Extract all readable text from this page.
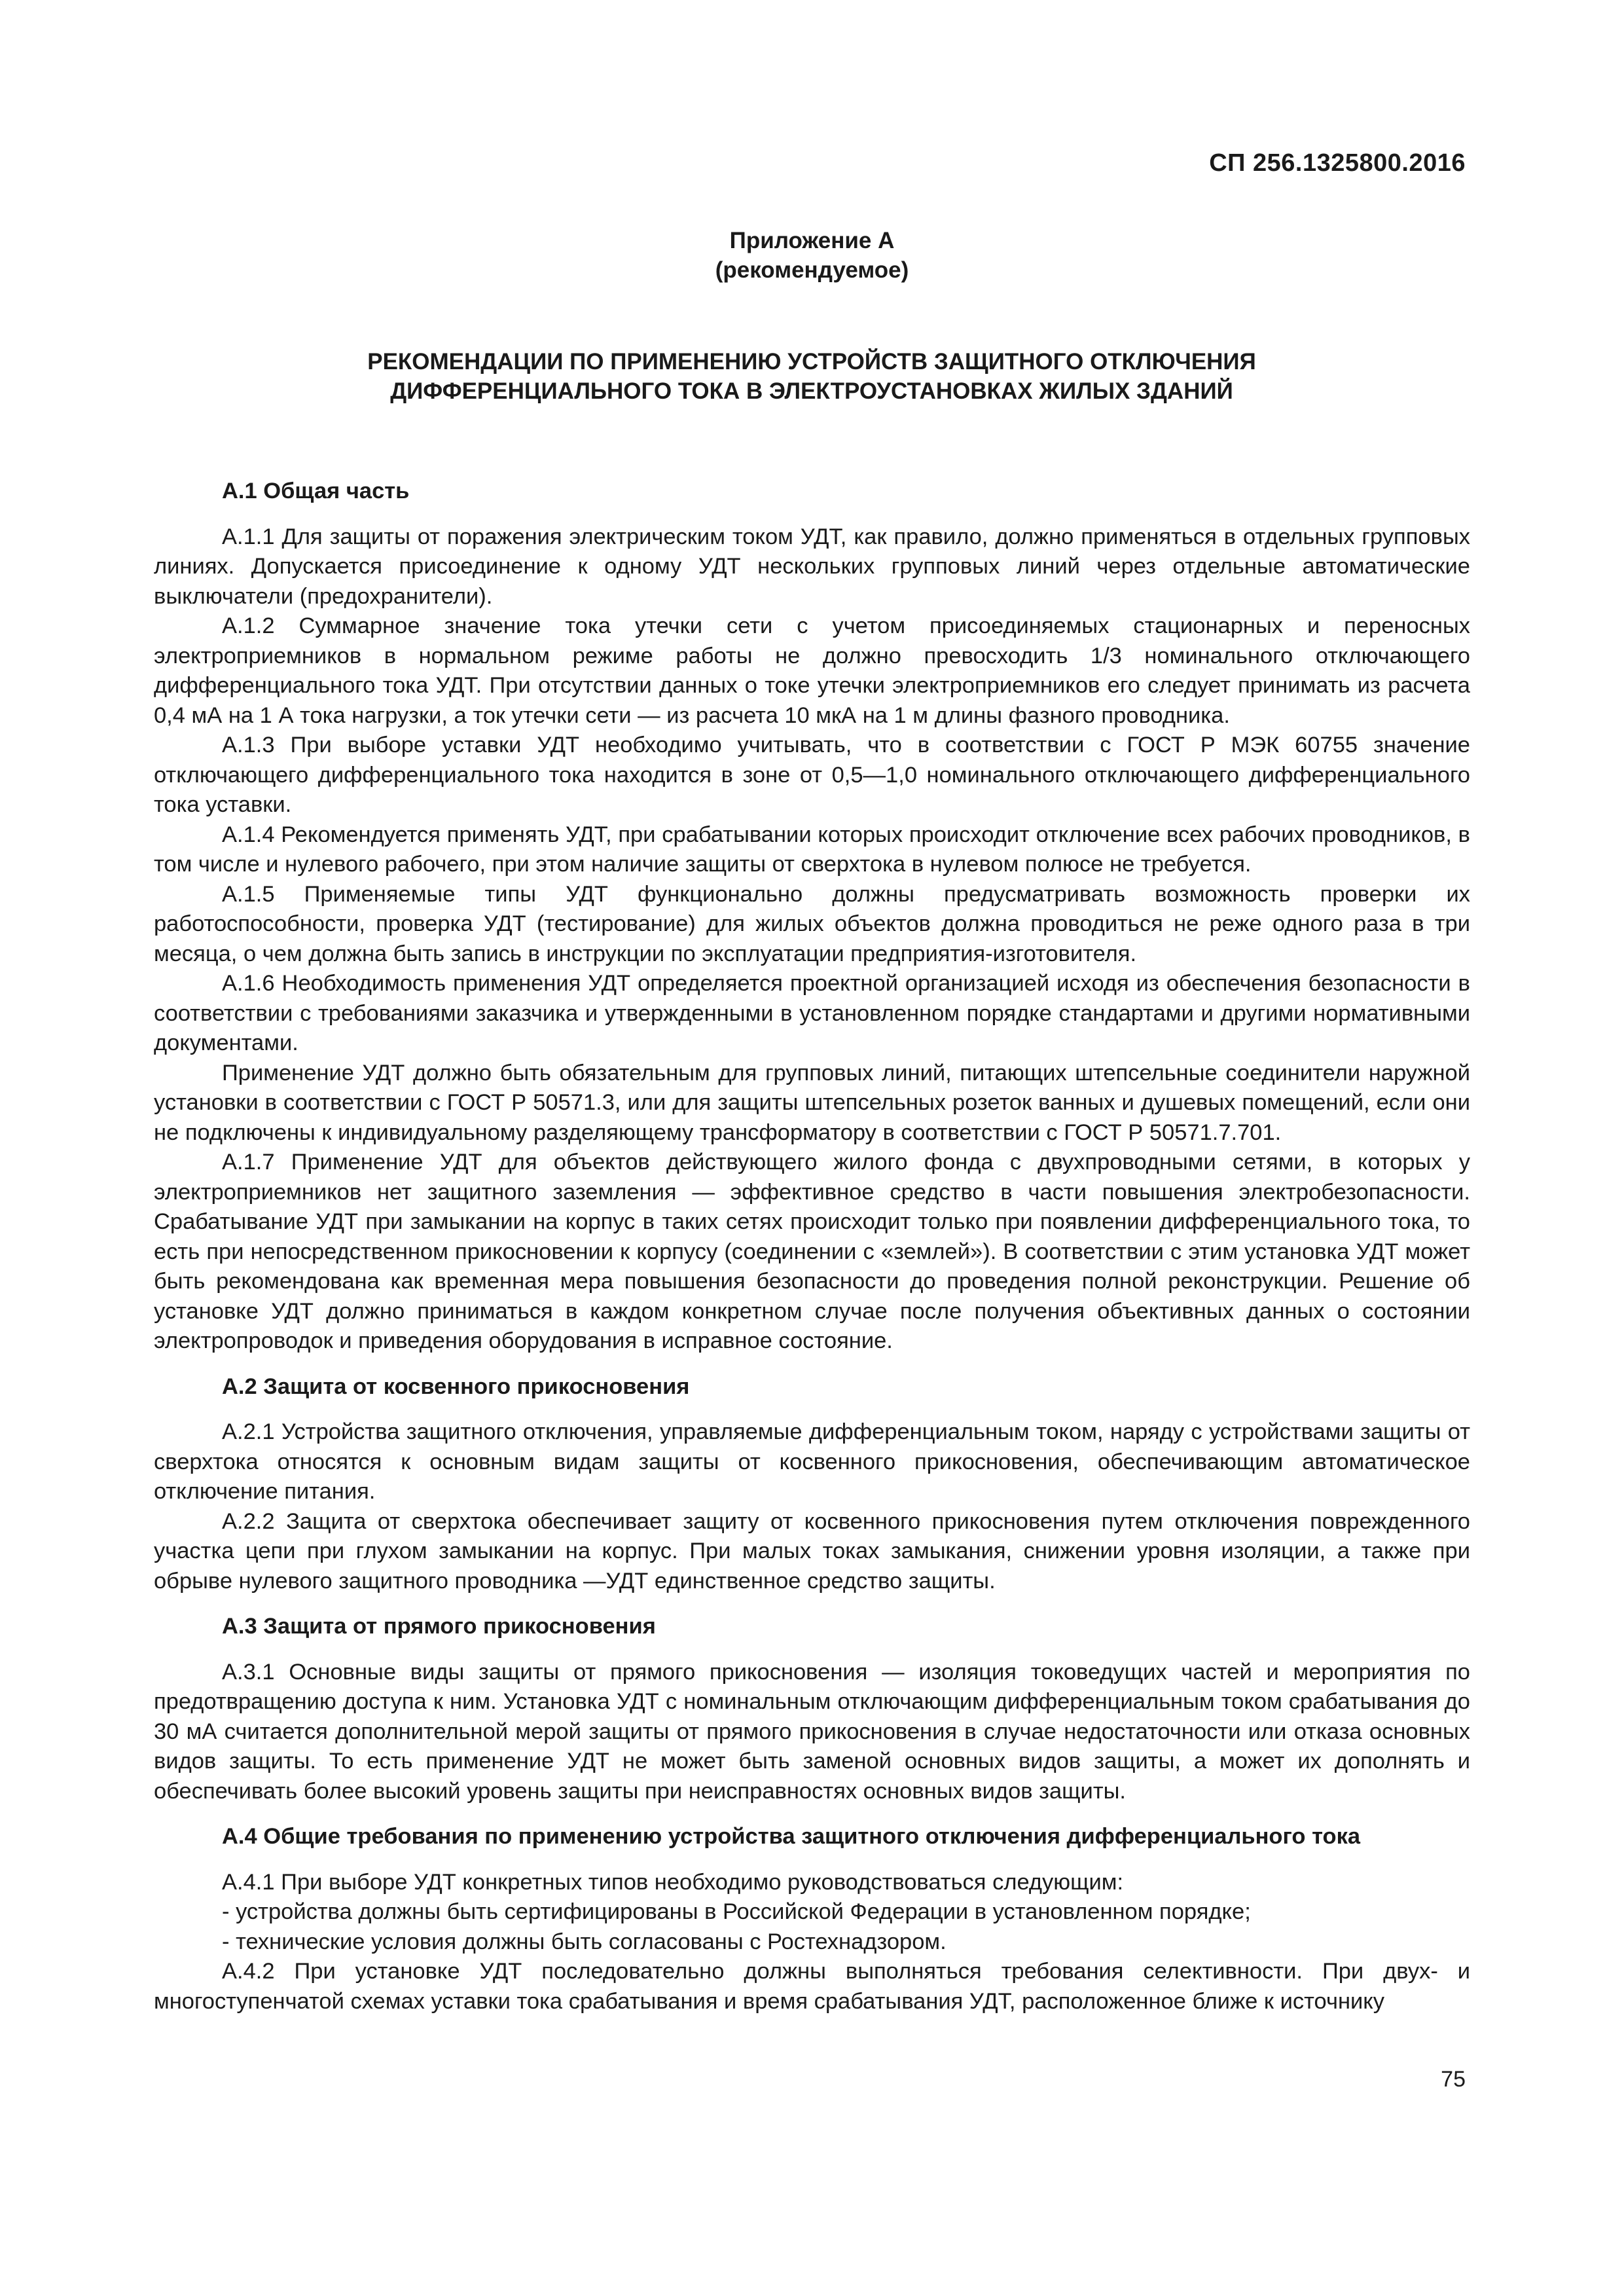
СП 256.1325800.2016
Приложение А
(рекомендуемое)
РЕКОМЕНДАЦИИ ПО ПРИМЕНЕНИЮ УСТРОЙСТВ ЗАЩИТНОГО ОТКЛЮЧЕНИЯ
ДИФФЕРЕНЦИАЛЬНОГО ТОКА В ЭЛЕКТРОУСТАНОВКАХ ЖИЛЫХ ЗДАНИЙ
А.1 Общая часть

А.1.1 Для защиты от поражения электрическим током УДТ, как правило, должно применяться в отдельных групповых линиях. Допускается присоединение к одному УДТ нескольких групповых линий через отдельные автоматические выключатели (предохранители).

А.1.2 Суммарное значение тока утечки сети с учетом присоединяемых стационарных и переносных электроприемников в нормальном режиме работы не должно превосходить 1/3 номинального отключающего дифференциального тока УДТ. При отсутствии данных о токе утечки электроприемников его следует принимать из расчета 0,4 мА на 1 А тока нагрузки, а ток утечки сети — из расчета 10 мкА на 1 м длины фазного проводника.

А.1.3 При выборе уставки УДТ необходимо учитывать, что в соответствии с ГОСТ Р МЭК 60755 значение отключающего дифференциального тока находится в зоне от 0,5—1,0 номинального отключающего дифференциального тока уставки.

А.1.4 Рекомендуется применять УДТ, при срабатывании которых происходит отключение всех рабочих проводников, в том числе и нулевого рабочего, при этом наличие защиты от сверхтока в нулевом полюсе не требуется.

А.1.5 Применяемые типы УДТ функционально должны предусматривать возможность проверки их работоспособности, проверка УДТ (тестирование) для жилых объектов должна проводиться не реже одного раза в три месяца, о чем должна быть запись в инструкции по эксплуатации предприятия-изготовителя.

А.1.6 Необходимость применения УДТ определяется проектной организацией исходя из обеспечения безопасности в соответствии с требованиями заказчика и утвержденными в установленном порядке стандартами и другими нормативными документами.

Применение УДТ должно быть обязательным для групповых линий, питающих штепсельные соединители наружной установки в соответствии с ГОСТ Р 50571.3, или для защиты штепсельных розеток ванных и душевых помещений, если они не подключены к индивидуальному разделяющему трансформатору в соответствии с ГОСТ Р 50571.7.701.

А.1.7 Применение УДТ для объектов действующего жилого фонда с двухпроводными сетями, в которых у электроприемников нет защитного заземления — эффективное средство в части повышения электробезопасности. Срабатывание УДТ при замыкании на корпус в таких сетях происходит только при появлении дифференциального тока, то есть при непосредственном прикосновении к корпусу (соединении с «землей»). В соответствии с этим установка УДТ может быть рекомендована как временная мера повышения безопасности до проведения полной реконструкции. Решение об установке УДТ должно приниматься в каждом конкретном случае после получения объективных данных о состоянии электропроводок и приведения оборудования в исправное состояние.

А.2 Защита от косвенного прикосновения

А.2.1 Устройства защитного отключения, управляемые дифференциальным током, наряду с устройствами защиты от сверхтока относятся к основным видам защиты от косвенного прикосновения, обеспечивающим автоматическое отключение питания.

А.2.2 Защита от сверхтока обеспечивает защиту от косвенного прикосновения путем отключения поврежденного участка цепи при глухом замыкании на корпус. При малых токах замыкания, снижении уровня изоляции, а также при обрыве нулевого защитного проводника —УДТ единственное средство защиты.

А.3 Защита от прямого прикосновения

А.3.1 Основные виды защиты от прямого прикосновения — изоляция токоведущих частей и мероприятия по предотвращению доступа к ним. Установка УДТ с номинальным отключающим дифференциальным током срабатывания до 30 мА считается дополнительной мерой защиты от прямого прикосновения в случае недостаточности или отказа основных видов защиты. То есть применение УДТ не может быть заменой основных видов защиты, а может их дополнять и обеспечивать более высокий уровень защиты при неисправностях основных видов защиты.

А.4 Общие требования по применению устройства защитного отключения дифференциального тока

А.4.1 При выборе УДТ конкретных типов необходимо руководствоваться следующим:

- устройства должны быть сертифицированы в Российской Федерации в установленном порядке;

- технические условия должны быть согласованы с Ростехнадзором.

А.4.2 При установке УДТ последовательно должны выполняться требования селективности. При двух- и многоступенчатой схемах уставки тока срабатывания и время срабатывания УДТ, расположенное ближе к источнику

75
